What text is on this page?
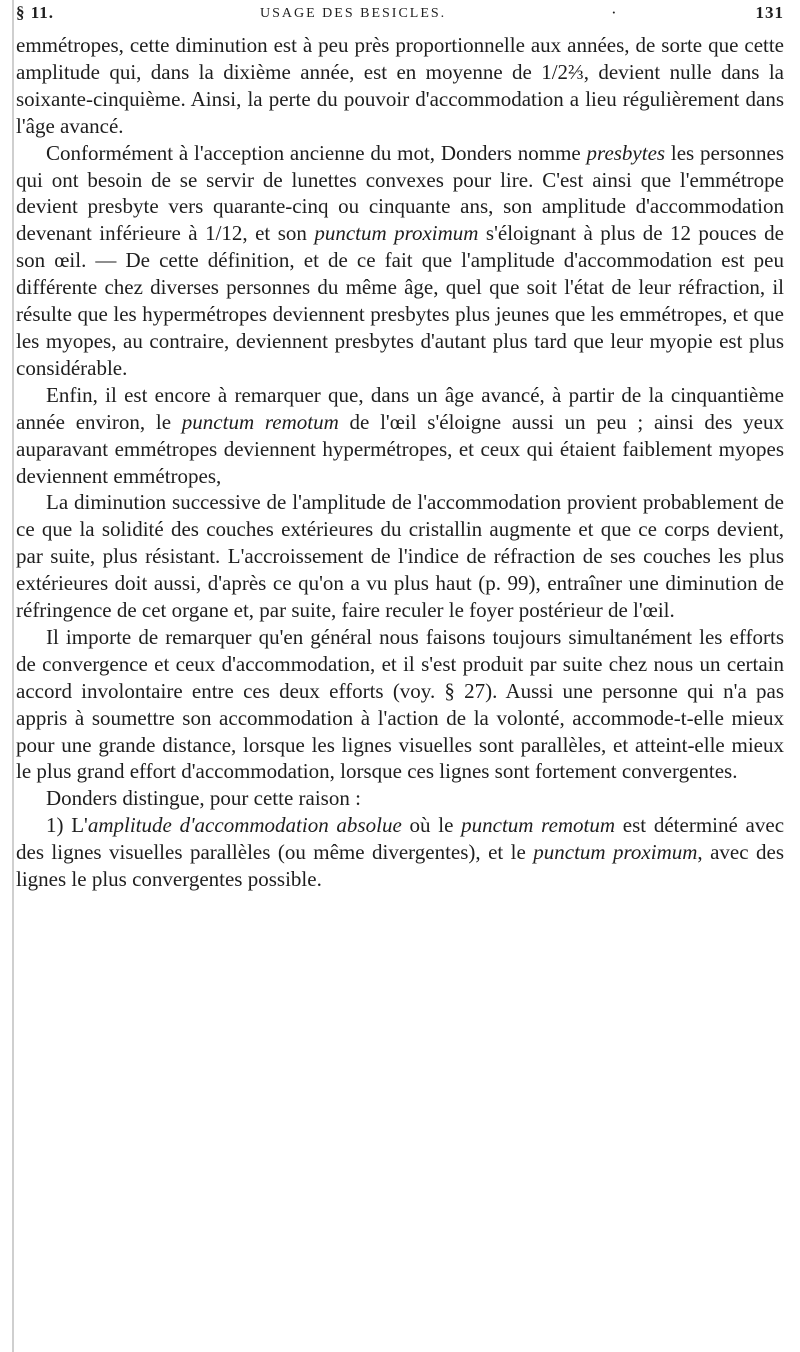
§ 11.	USAGE DES BESICLES.	·	131

emmétropes, cette diminution est à peu près proportionnelle aux années, de sorte que cette amplitude qui, dans la dixième année, est en moyenne de 1/2⅔, devient nulle dans la soixante-cinquième. Ainsi, la perte du pouvoir d'accommodation a lieu régulièrement dans l'âge avancé.

Conformément à l'acception ancienne du mot, Donders nomme presbytes les personnes qui ont besoin de se servir de lunettes convexes pour lire. C'est ainsi que l'emmétrope devient presbyte vers quarante-cinq ou cinquante ans, son amplitude d'accommodation devenant inférieure à 1/12, et son punctum proximum s'éloignant à plus de 12 pouces de son œil. — De cette définition, et de ce fait que l'amplitude d'accommodation est peu différente chez diverses personnes du même âge, quel que soit l'état de leur réfraction, il résulte que les hypermétropes deviennent presbytes plus jeunes que les emmétropes, et que les myopes, au contraire, deviennent presbytes d'autant plus tard que leur myopie est plus considérable.

Enfin, il est encore à remarquer que, dans un âge avancé, à partir de la cinquantième année environ, le punctum remotum de l'œil s'éloigne aussi un peu ; ainsi des yeux auparavant emmétropes deviennent hypermétropes, et ceux qui étaient faiblement myopes deviennent emmétropes,

La diminution successive de l'amplitude de l'accommodation provient probablement de ce que la solidité des couches extérieures du cristallin augmente et que ce corps devient, par suite, plus résistant. L'accroissement de l'indice de réfraction de ses couches les plus extérieures doit aussi, d'après ce qu'on a vu plus haut (p. 99), entraîner une diminution de réfringence de cet organe et, par suite, faire reculer le foyer postérieur de l'œil.

Il importe de remarquer qu'en général nous faisons toujours simultanément les efforts de convergence et ceux d'accommodation, et il s'est produit par suite chez nous un certain accord involontaire entre ces deux efforts (voy. § 27). Aussi une personne qui n'a pas appris à soumettre son accommodation à l'action de la volonté, accommode-t-elle mieux pour une grande distance, lorsque les lignes visuelles sont parallèles, et atteint-elle mieux le plus grand effort d'accommodation, lorsque ces lignes sont fortement convergentes.

Donders distingue, pour cette raison :

1) L'amplitude d'accommodation absolue où le punctum remotum est déterminé avec des lignes visuelles parallèles (ou même divergentes), et le punctum proximum, avec des lignes le plus convergentes possible.
